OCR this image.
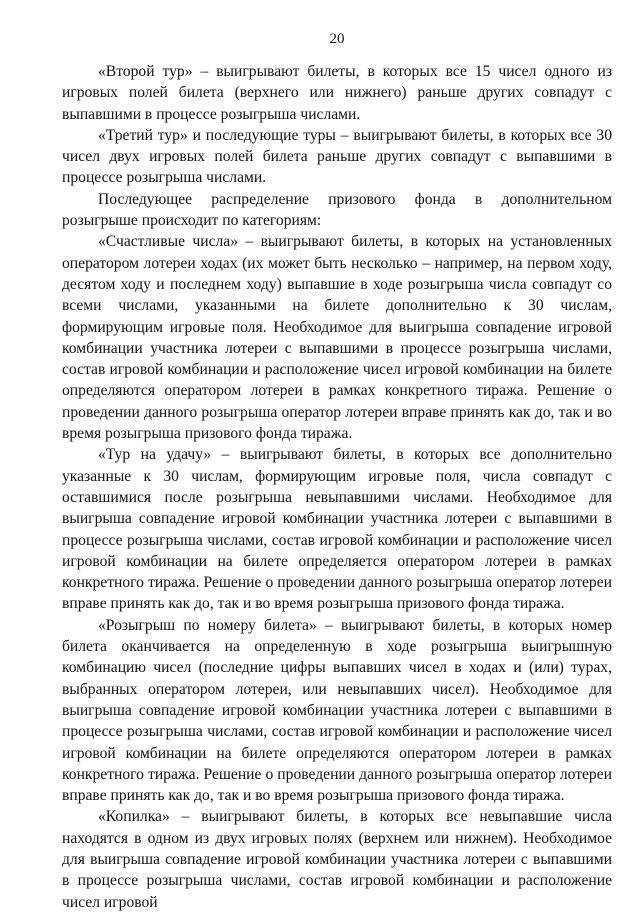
20

«Второй тур» – выигрывают билеты, в которых все 15 чисел одного из игровых полей билета (верхнего или нижнего) раньше других совпадут с выпавшими в процессе розыгрыша числами.

«Третий тур» и последующие туры – выигрывают билеты, в которых все 30 чисел двух игровых полей билета раньше других совпадут с выпавшими в процессе розыгрыша числами.

Последующее распределение призового фонда в дополнительном розыгрыше происходит по категориям:

«Счастливые числа» – выигрывают билеты, в которых на установленных оператором лотереи ходах (их может быть несколько – например, на первом ходу, десятом ходу и последнем ходу) выпавшие в ходе розыгрыша числа совпадут со всеми числами, указанными на билете дополнительно к 30 числам, формирующим игровые поля. Необходимое для выигрыша совпадение игровой комбинации участника лотереи с выпавшими в процессе розыгрыша числами, состав игровой комбинации и расположение чисел игровой комбинации на билете определяются оператором лотереи в рамках конкретного тиража. Решение о проведении данного розыгрыша оператор лотереи вправе принять как до, так и во время розыгрыша призового фонда тиража.

«Тур на удачу» – выигрывают билеты, в которых все дополнительно указанные к 30 числам, формирующим игровые поля, числа совпадут с оставшимися после розыгрыша невыпавшими числами. Необходимое для выигрыша совпадение игровой комбинации участника лотереи с выпавшими в процессе розыгрыша числами, состав игровой комбинации и расположение чисел игровой комбинации на билете определяется оператором лотереи в рамках конкретного тиража. Решение о проведении данного розыгрыша оператор лотереи вправе принять как до, так и во время розыгрыша призового фонда тиража.

«Розыгрыш по номеру билета» – выигрывают билеты, в которых номер билета оканчивается на определенную в ходе розыгрыша выигрышную комбинацию чисел (последние цифры выпавших чисел в ходах и (или) турах, выбранных оператором лотереи, или невыпавших чисел). Необходимое для выигрыша совпадение игровой комбинации участника лотереи с выпавшими в процессе розыгрыша числами, состав игровой комбинации и расположение чисел игровой комбинации на билете определяются оператором лотереи в рамках конкретного тиража. Решение о проведении данного розыгрыша оператор лотереи вправе принять как до, так и во время розыгрыша призового фонда тиража.

«Копилка» – выигрывают билеты, в которых все невыпавшие числа находятся в одном из двух игровых полях (верхнем или нижнем). Необходимое для выигрыша совпадение игровой комбинации участника лотереи с выпавшими в процессе розыгрыша числами, состав игровой комбинации и расположение чисел игровой
